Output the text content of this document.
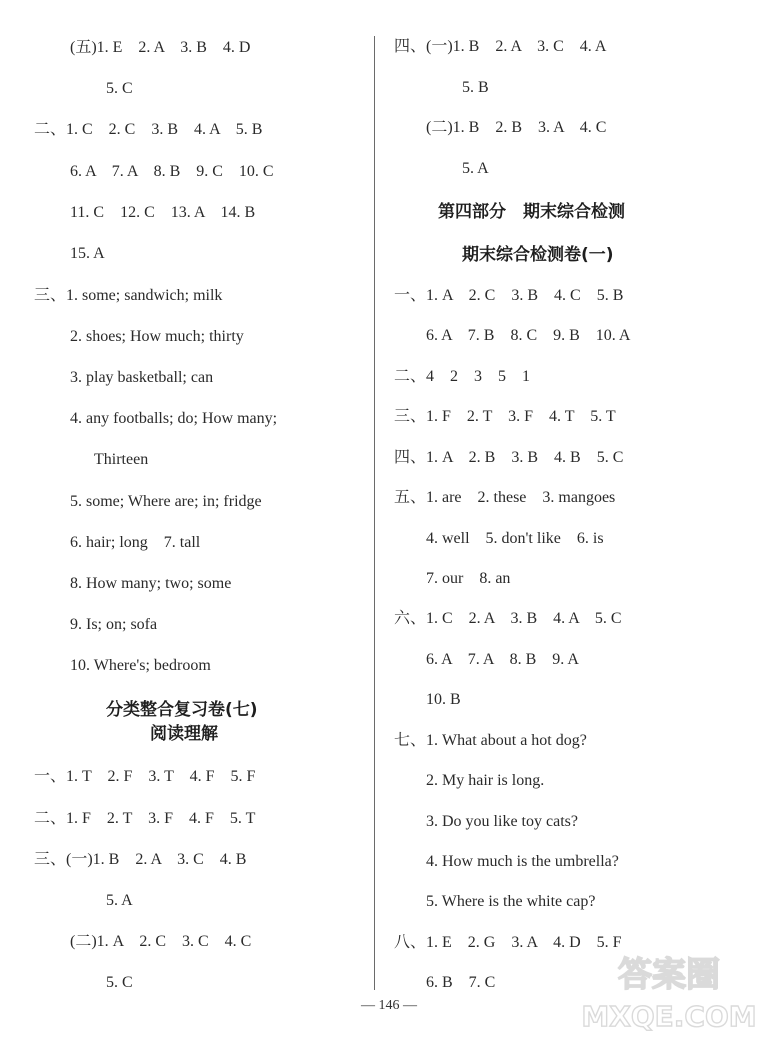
(五)1. E　2. A　3. B　4. D
5. C
二、1. C　2. C　3. B　4. A　5. B
6. A　7. A　8. B　9. C　10. C
11. C　12. C　13. A　14. B
15. A
三、1. some; sandwich; milk
2. shoes; How much; thirty
3. play basketball; can
4. any footballs; do; How many;
Thirteen
5. some; Where are; in; fridge
6. hair; long　7. tall
8. How many; two; some
9. Is; on; sofa
10. Where's; bedroom
分类整合复习卷(七)
阅读理解
一、1. T　2. F　3. T　4. F　5. F
二、1. F　2. T　3. F　4. F　5. T
三、(一)1. B　2. A　3. C　4. B
5. A
(二)1. A　2. C　3. C　4. C
5. C
四、(一)1. B　2. A　3. C　4. A
5. B
(二)1. B　2. B　3. A　4. C
5. A
第四部分　期末综合检测
期末综合检测卷(一)
一、1. A　2. C　3. B　4. C　5. B
6. A　7. B　8. C　9. B　10. A
二、4　2　3　5　1
三、1. F　2. T　3. F　4. T　5. T
四、1. A　2. B　3. B　4. B　5. C
五、1. are　2. these　3. mangoes
4. well　5. don't like　6. is
7. our　8. an
六、1. C　2. A　3. B　4. A　5. C
6. A　7. A　8. B　9. A
10. B
七、1. What about a hot dog?
2. My hair is long.
3. Do you like toy cats?
4. How much is the umbrella?
5. Where is the white cap?
八、1. E　2. G　3. A　4. D　5. F
6. B　7. C
— 146 —
答案圈
MXQE.COM
